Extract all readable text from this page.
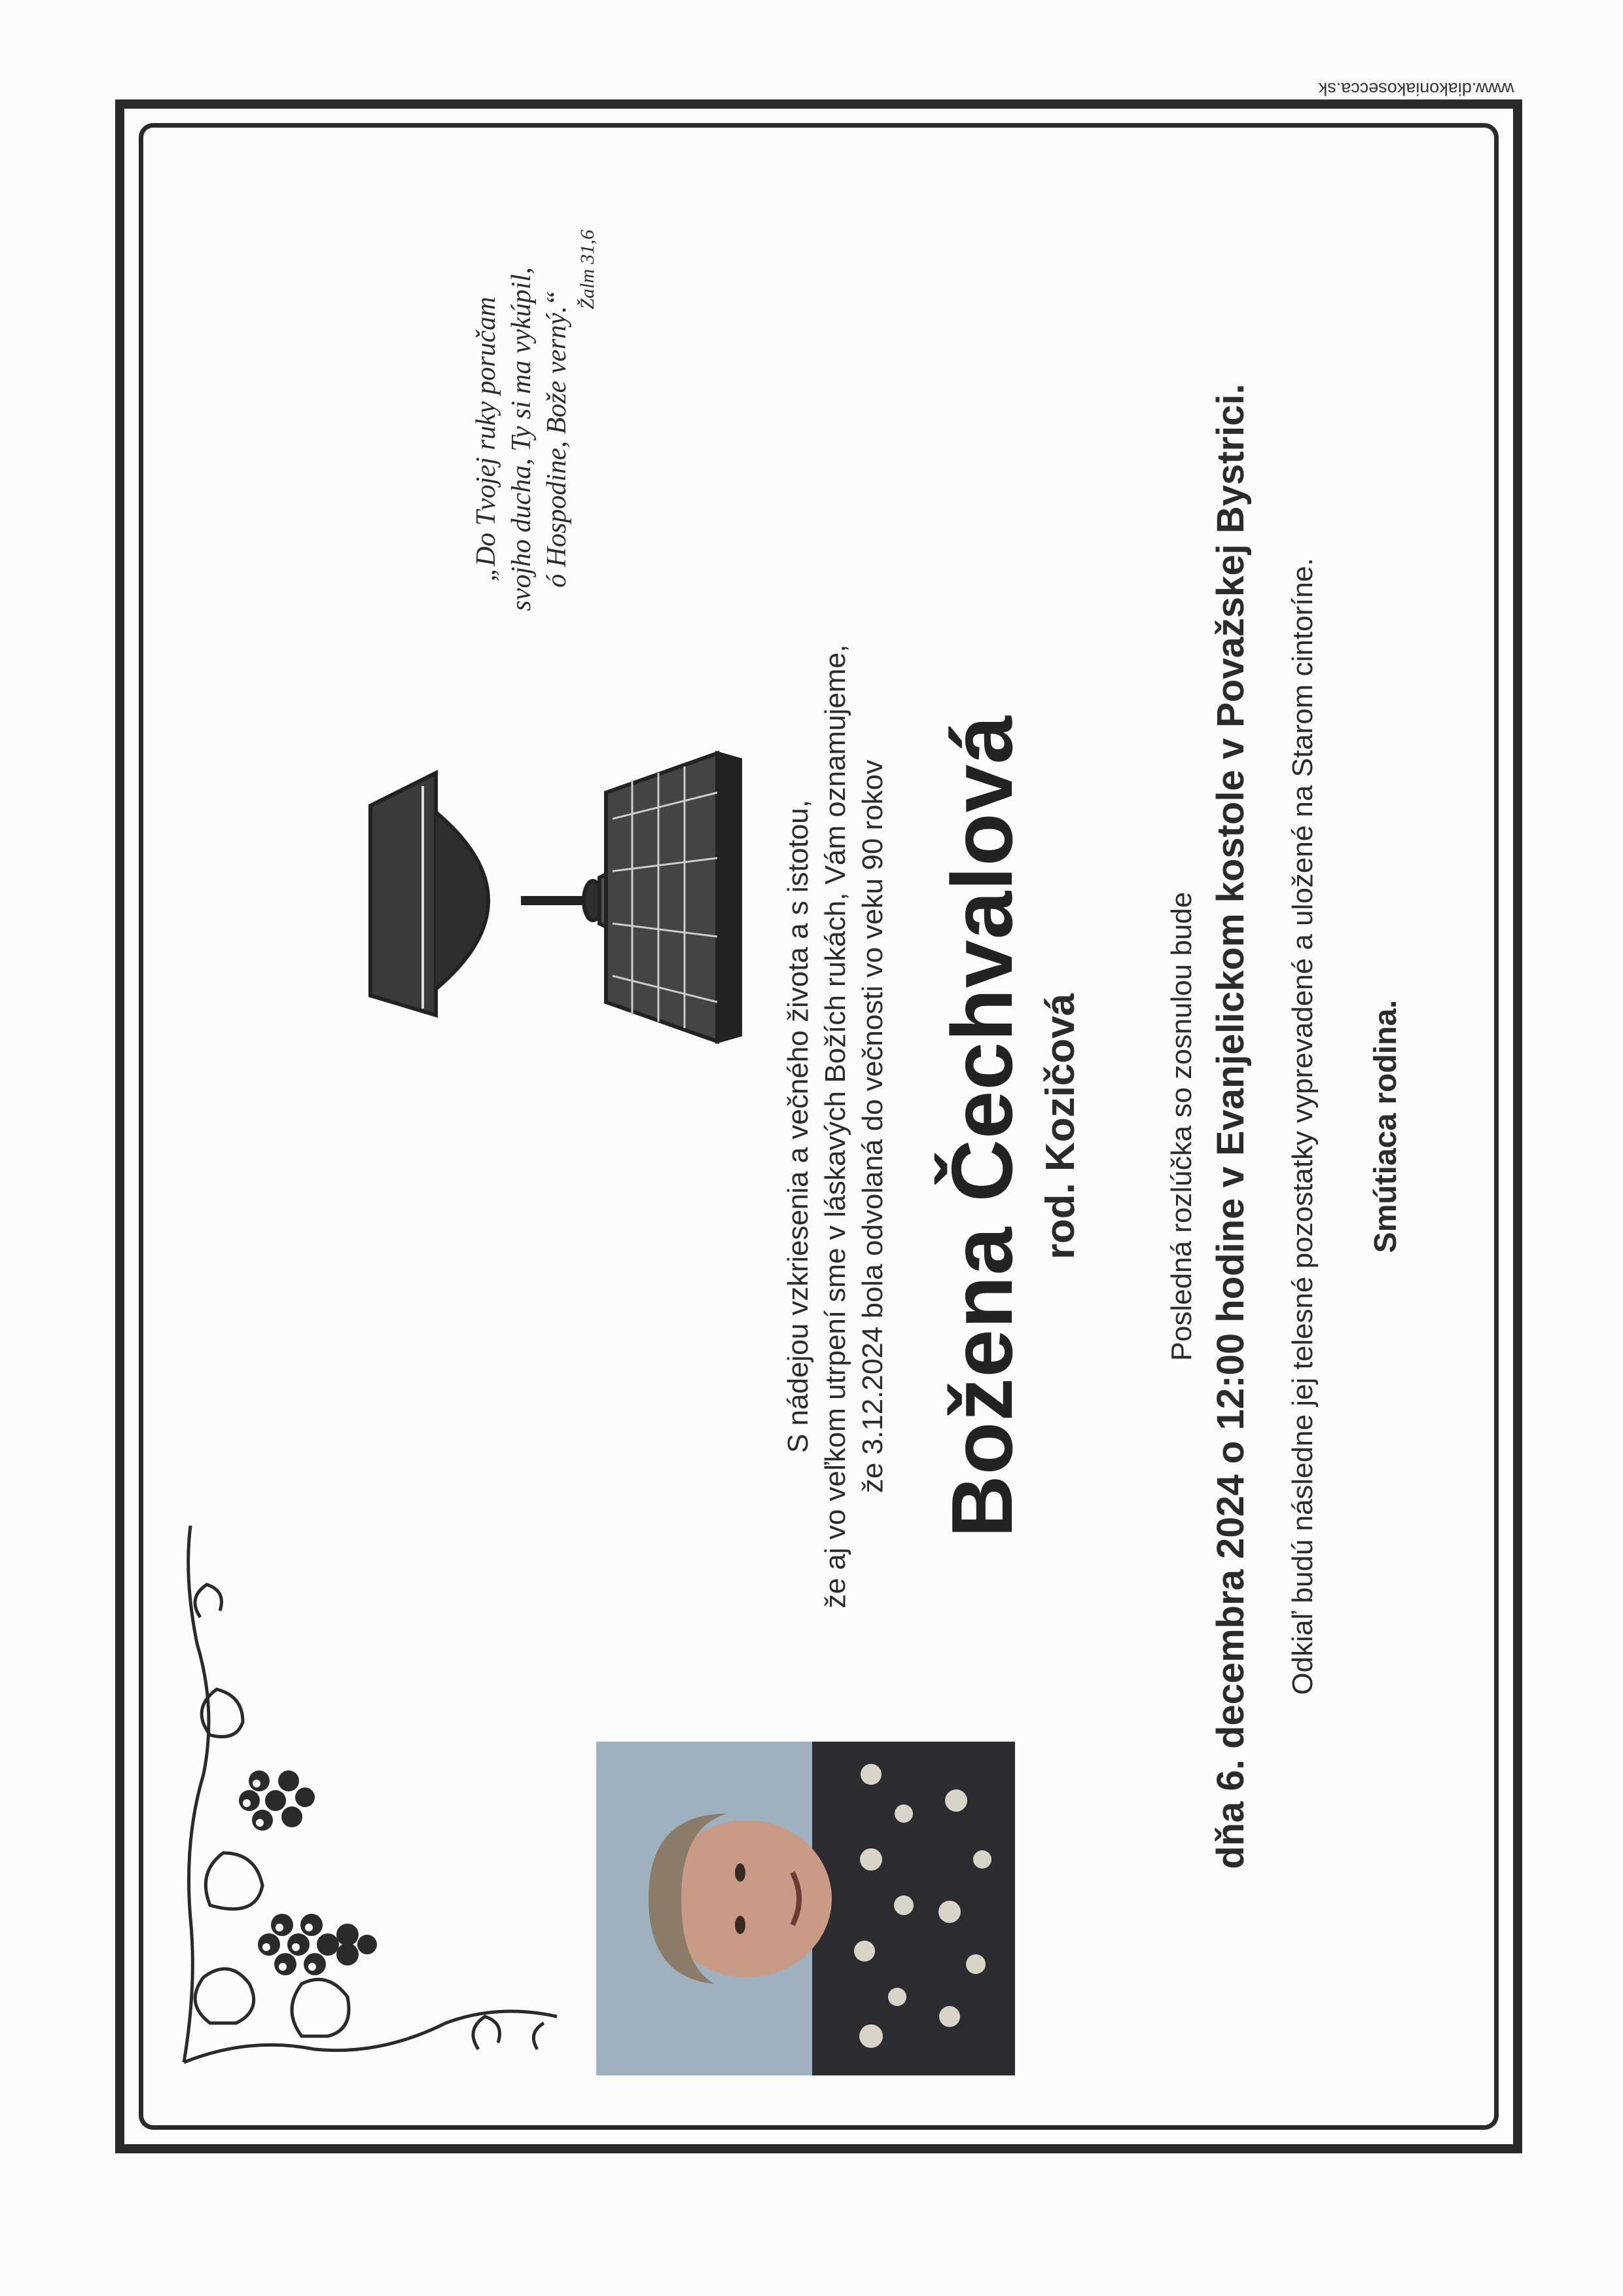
www.diakoniakosecca.sk
„Do Tvojej ruky poručam svojho ducha, Ty si ma vykúpil, ó Hospodine, Bože verný.“
Žalm 31,6
S nádejou vzkriesenia a večného života a s istotou, že aj vo veľkom utrpení sme v láskavých Božích rukách, Vám oznamujeme, že 3.12.2024 bola odvolaná do večnosti vo veku 90 rokov Božena Čechvalová rod. Kozičová	Posledná rozlúčka so zosnulou bude dňa 6. decembra 2024 o 12:00 hodine v Evanjelickom kostole v Považskej Bystrici. Odkiaľ budú následne jej telesné pozostatky vyprevadené a uložené na Starom cintoríne. Smútiaca rodina.
